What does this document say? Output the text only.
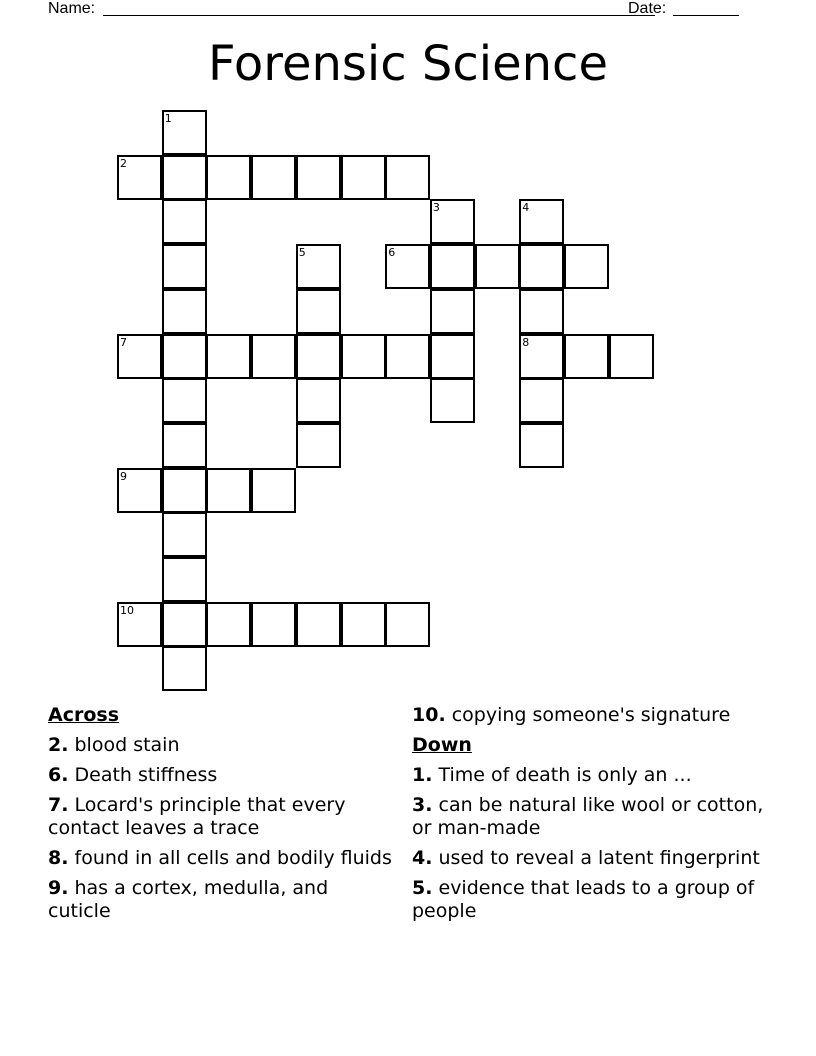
Name:	Date:
Forensic Science
1
2
3	4
5	6
7	8
9
10
Across
2. blood stain
6. Death stiffness
7. Locard's principle that every contact leaves a trace
8. found in all cells and bodily fluids
9. has a cortex, medulla, and cuticle
10. copying someone's signature
Down
1. Time of death is only an ...
3. can be natural like wool or cotton, or man-made
4. used to reveal a latent fingerprint
5. evidence that leads to a group of people
